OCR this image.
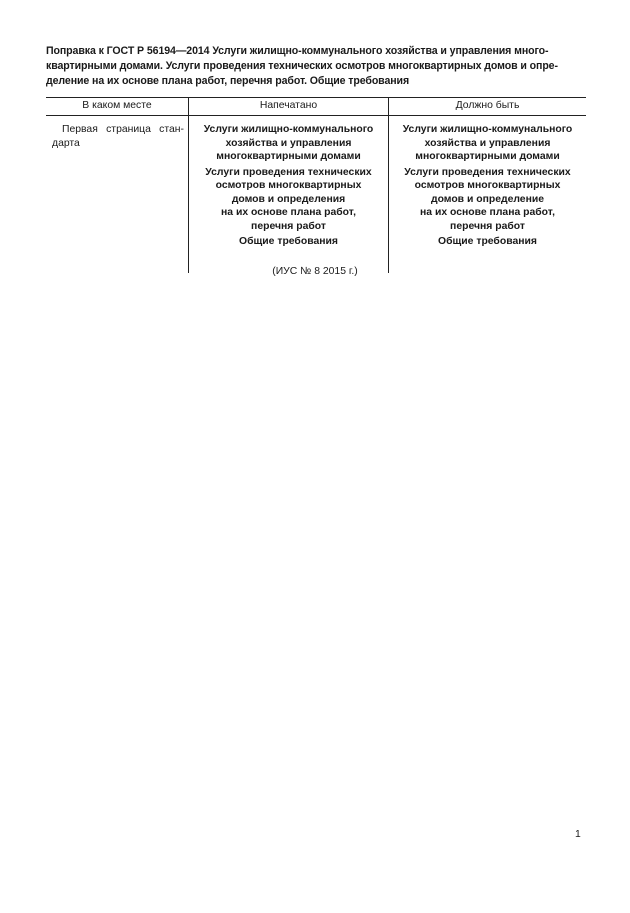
Поправка к ГОСТ Р 56194—2014 Услуги жилищно-коммунального хозяйства и управления много-
квартирными домами. Услуги проведения технических осмотров многоквартирных домов и опре-
деление на их основе плана работ, перечня работ. Общие требования
В каком месте	Напечатано	Должно быть
Первая страница стан-
дарта
Услуги жилищно-коммунального
хозяйства и управления
многоквартирными домами
Услуги проведения технических
осмотров многоквартирных
домов и определения
на их основе плана работ,
перечня работ
Общие требования
Услуги жилищно-коммунального
хозяйства и управления
многоквартирными домами
Услуги проведения технических
осмотров многоквартирных
домов и определение
на их основе плана работ,
перечня работ
Общие требования
(ИУС № 8 2015 г.)
1
